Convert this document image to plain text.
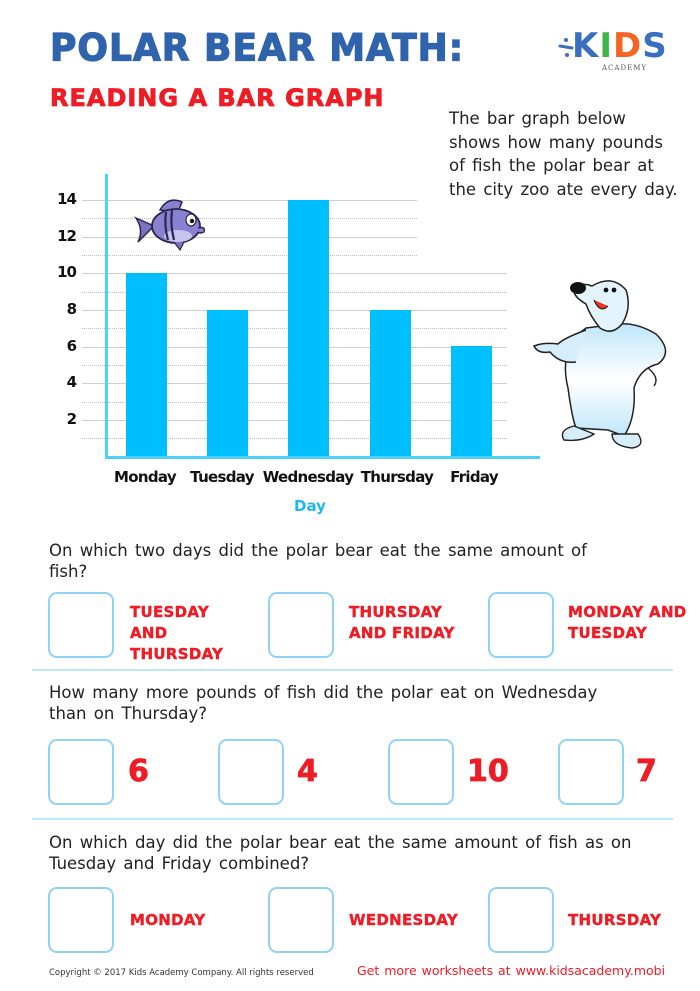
POLAR BEAR MATH:
READING A BAR GRAPH
KIDS
ACADEMY
The bar graph below shows how many pounds of fish the polar bear at the city zoo ate every day.
14
12
10
8
6
4
2
Monday Tuesday Wednesday Thursday Friday
Day
On which two days did the polar bear eat the same amount of fish?
TUESDAY AND THURSDAY
THURSDAY AND FRIDAY
MONDAY AND TUESDAY
How many more pounds of fish did the polar eat on Wednesday than on Thursday?
6	4	10	7
On which day did the polar bear eat the same amount of fish as on Tuesday and Friday combined?
MONDAY	WEDNESDAY	THURSDAY
Copyright © 2017 Kids Academy Company. All rights reserved	Get more worksheets at www.kidsacademy.mobi
